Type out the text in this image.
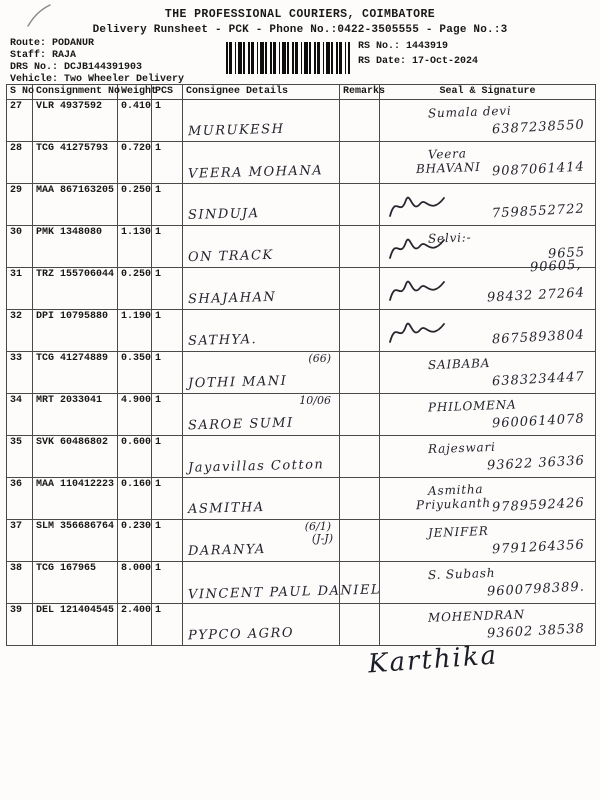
THE PROFESSIONAL COURIERS, COIMBATORE
Delivery Runsheet - PCK - Phone No.:0422-3505555 - Page No.:3
Route: PODANUR
Staff: RAJA
DRS No.: DCJB144391903
Vehicle: Two Wheeler Delivery
RS No.: 1443919
RS Date: 17-Oct-2024
S No	Consignment No	Weight	PCS	Consignee Details	Remarks	Seal & Signature
27	VLR 4937592	0.410	1	MURUKESH		Sumala devi
6387238550

28	TCG 41275793	0.720	1	VEERA MOHANA		Veera
BHAVANI 9087061414

29	MAA 867163205	0.250	1	SINDUJA		7598552722

30	PMK 1348080	1.130	1	ON TRACK		Selvi:-
9655
90605,

31	TRZ 155706044	0.250	1	SHAJAHAN		98432 27264

32	DPI 10795880	1.190	1	SATHYA.		8675893804

33	TCG 41274889	0.350	1	(66)
JOTHI MANI		SAIBABA
6383234447

34	MRT 2033041	4.900	1	10/06
SAROE SUMI		PHILOMENA
9600614078

35	SVK 60486802	0.600	1	Jayavillas Cotton		Rajeswari
93622 36336

36	MAA 110412223	0.160	1	ASMITHA		Asmitha
Priyukanth 9789592426

37	SLM 356686764	0.230	1	(6/1)
(J-J)
DARANYA		JENIFER
9791264356

38	TCG 167965	8.000	1	VINCENT PAUL DANIEL		S. Subash
9600798389.

39	DEL 121404545	2.400	1	PYPCO AGRO		MOHENDRAN
93602 38538
Karthika
